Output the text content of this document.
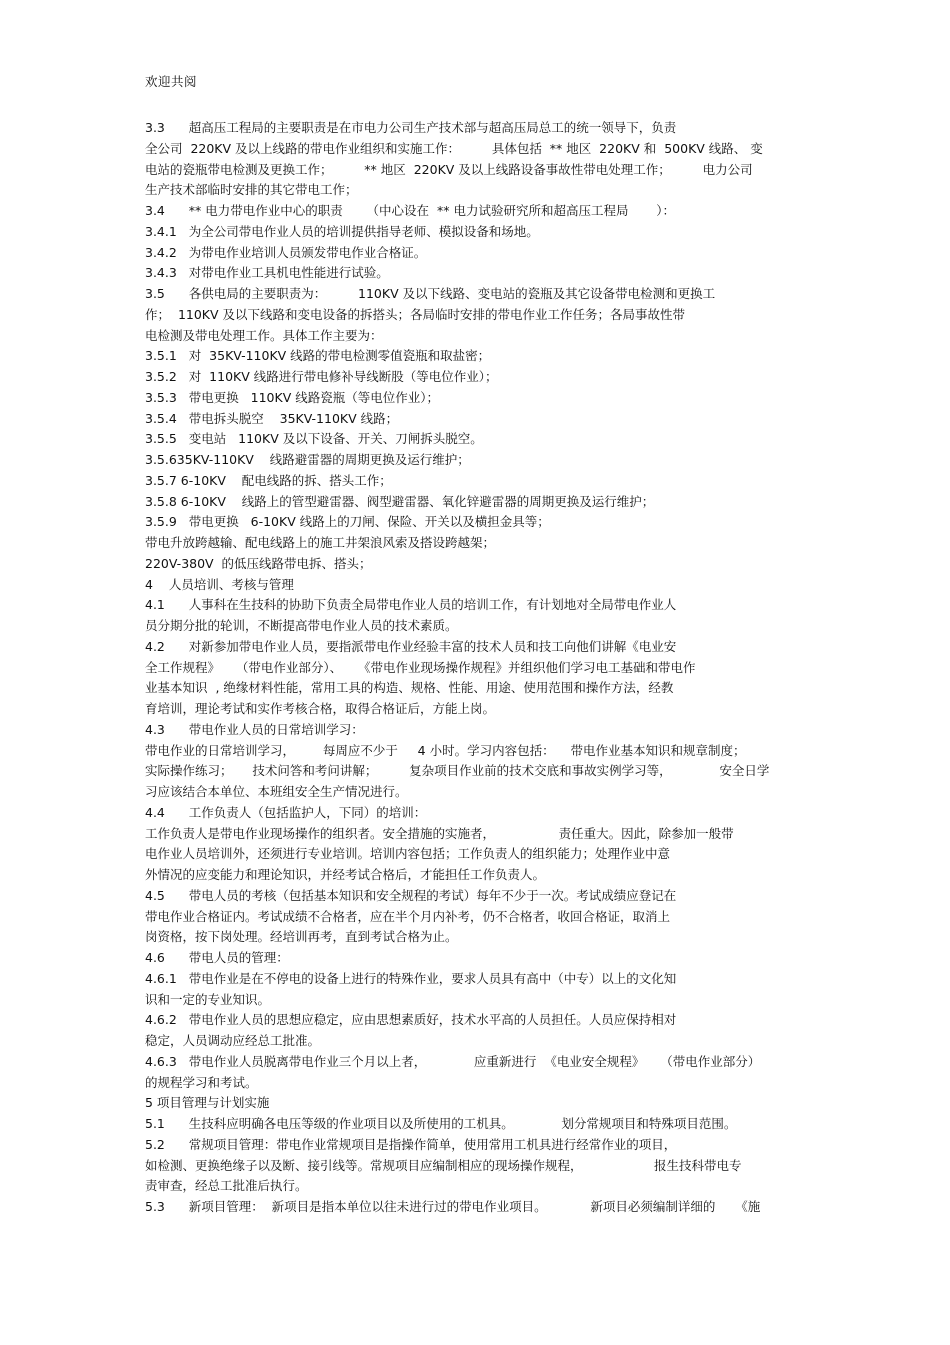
欢迎共阅
3.3      超高压工程局的主要职责是在市电力公司生产技术部与超高压局总工的统一领导下，负责
全公司  220KV 及以上线路的带电作业组织和实施工作：        具体包括  ** 地区  220KV 和  500KV 线路、 变
电站的瓷瓶带电检测及更换工作；        ** 地区  220KV 及以上线路设备事故性带电处理工作；        电力公司
生产技术部临时安排的其它带电工作；
3.4      ** 电力带电作业中心的职责      （中心设在  ** 电力试验研究所和超高压工程局       ）：
3.4.1   为全公司带电作业人员的培训提供指导老师、模拟设备和场地。
3.4.2   为带电作业培训人员颁发带电作业合格证。
3.4.3   对带电作业工具机电性能进行试验。
3.5      各供电局的主要职责为：        110KV 及以下线路、变电站的瓷瓶及其它设备带电检测和更换工
作；  110KV 及以下线路和变电设备的拆搭头；各局临时安排的带电作业工作任务；各局事故性带
电检测及带电处理工作。具体工作主要为：
3.5.1   对  35KV-110KV 线路的带电检测零值瓷瓶和取盐密；
3.5.2   对  110KV 线路进行带电修补导线断股（等电位作业）；
3.5.3   带电更换   110KV 线路瓷瓶（等电位作业）；
3.5.4   带电拆头脱空    35KV-110KV 线路；
3.5.5   变电站   110KV 及以下设备、开关、刀闸拆头脱空。
3.5.635KV-110KV    线路避雷器的周期更换及运行维护；
3.5.7 6-10KV    配电线路的拆、搭头工作；
3.5.8 6-10KV    线路上的管型避雷器、阀型避雷器、氧化锌避雷器的周期更换及运行维护；
3.5.9   带电更换   6-10KV 线路上的刀闸、保险、开关以及横担金具等；
带电升放跨越输、配电线路上的施工井架浪风索及搭设跨越架；
220V-380V  的低压线路带电拆、搭头；
4    人员培训、考核与管理
4.1      人事科在生技科的协助下负责全局带电作业人员的培训工作，有计划地对全局带电作业人
员分期分批的轮训，不断提高带电作业人员的技术素质。
4.2      对新参加带电作业人员，要指派带电作业经验丰富的技术人员和技工向他们讲解《电业安
全工作规程》    （带电作业部分）、    《带电作业现场操作规程》并组织他们学习电工基础和带电作
业基本知识  , 绝缘材料性能，常用工具的构造、规格、性能、用途、使用范围和操作方法，经教
育培训，理论考试和实作考核合格，取得合格证后，方能上岗。
4.3      带电作业人员的日常培训学习：
带电作业的日常培训学习，       每周应不少于     4 小时。学习内容包括：    带电作业基本知识和规章制度；
实际操作练习；     技术问答和考问讲解；        复杂项目作业前的技术交底和事故实例学习等，            安全日学
习应该结合本单位、本班组安全生产情况进行。
4.4      工作负责人（包括监护人，下同）的培训：
工作负责人是带电作业现场操作的组织者。安全措施的实施者，                责任重大。因此，除参加一般带
电作业人员培训外，还须进行专业培训。培训内容包括；工作负责人的组织能力；处理作业中意
外情况的应变能力和理论知识，并经考试合格后，才能担任工作负责人。
4.5      带电人员的考核（包括基本知识和安全规程的考试）每年不少于一次。考试成绩应登记在
带电作业合格证内。考试成绩不合格者，应在半个月内补考，仍不合格者，收回合格证，取消上
岗资格，按下岗处理。经培训再考，直到考试合格为止。
4.6      带电人员的管理：
4.6.1   带电作业是在不停电的设备上进行的特殊作业，要求人员具有高中（中专）以上的文化知
识和一定的专业知识。
4.6.2   带电作业人员的思想应稳定，应由思想素质好，技术水平高的人员担任。人员应保持相对
稳定，人员调动应经总工批准。
4.6.3   带电作业人员脱离带电作业三个月以上者，            应重新进行  《电业安全规程》    （带电作业部分）
的规程学习和考试。
5 项目管理与计划实施
5.1      生技科应明确各电压等级的作业项目以及所使用的工机具。            划分常规项目和特殊项目范围。
5.2      常规项目管理：带电作业常规项目是指操作简单，使用常用工机具进行经常作业的项目，
如检测、更换绝缘子以及断、接引线等。常规项目应编制相应的现场操作规程，                  报生技科带电专
责审查，经总工批准后执行。
5.3      新项目管理：  新项目是指本单位以往未进行过的带电作业项目。           新项目必须编制详细的     《施
